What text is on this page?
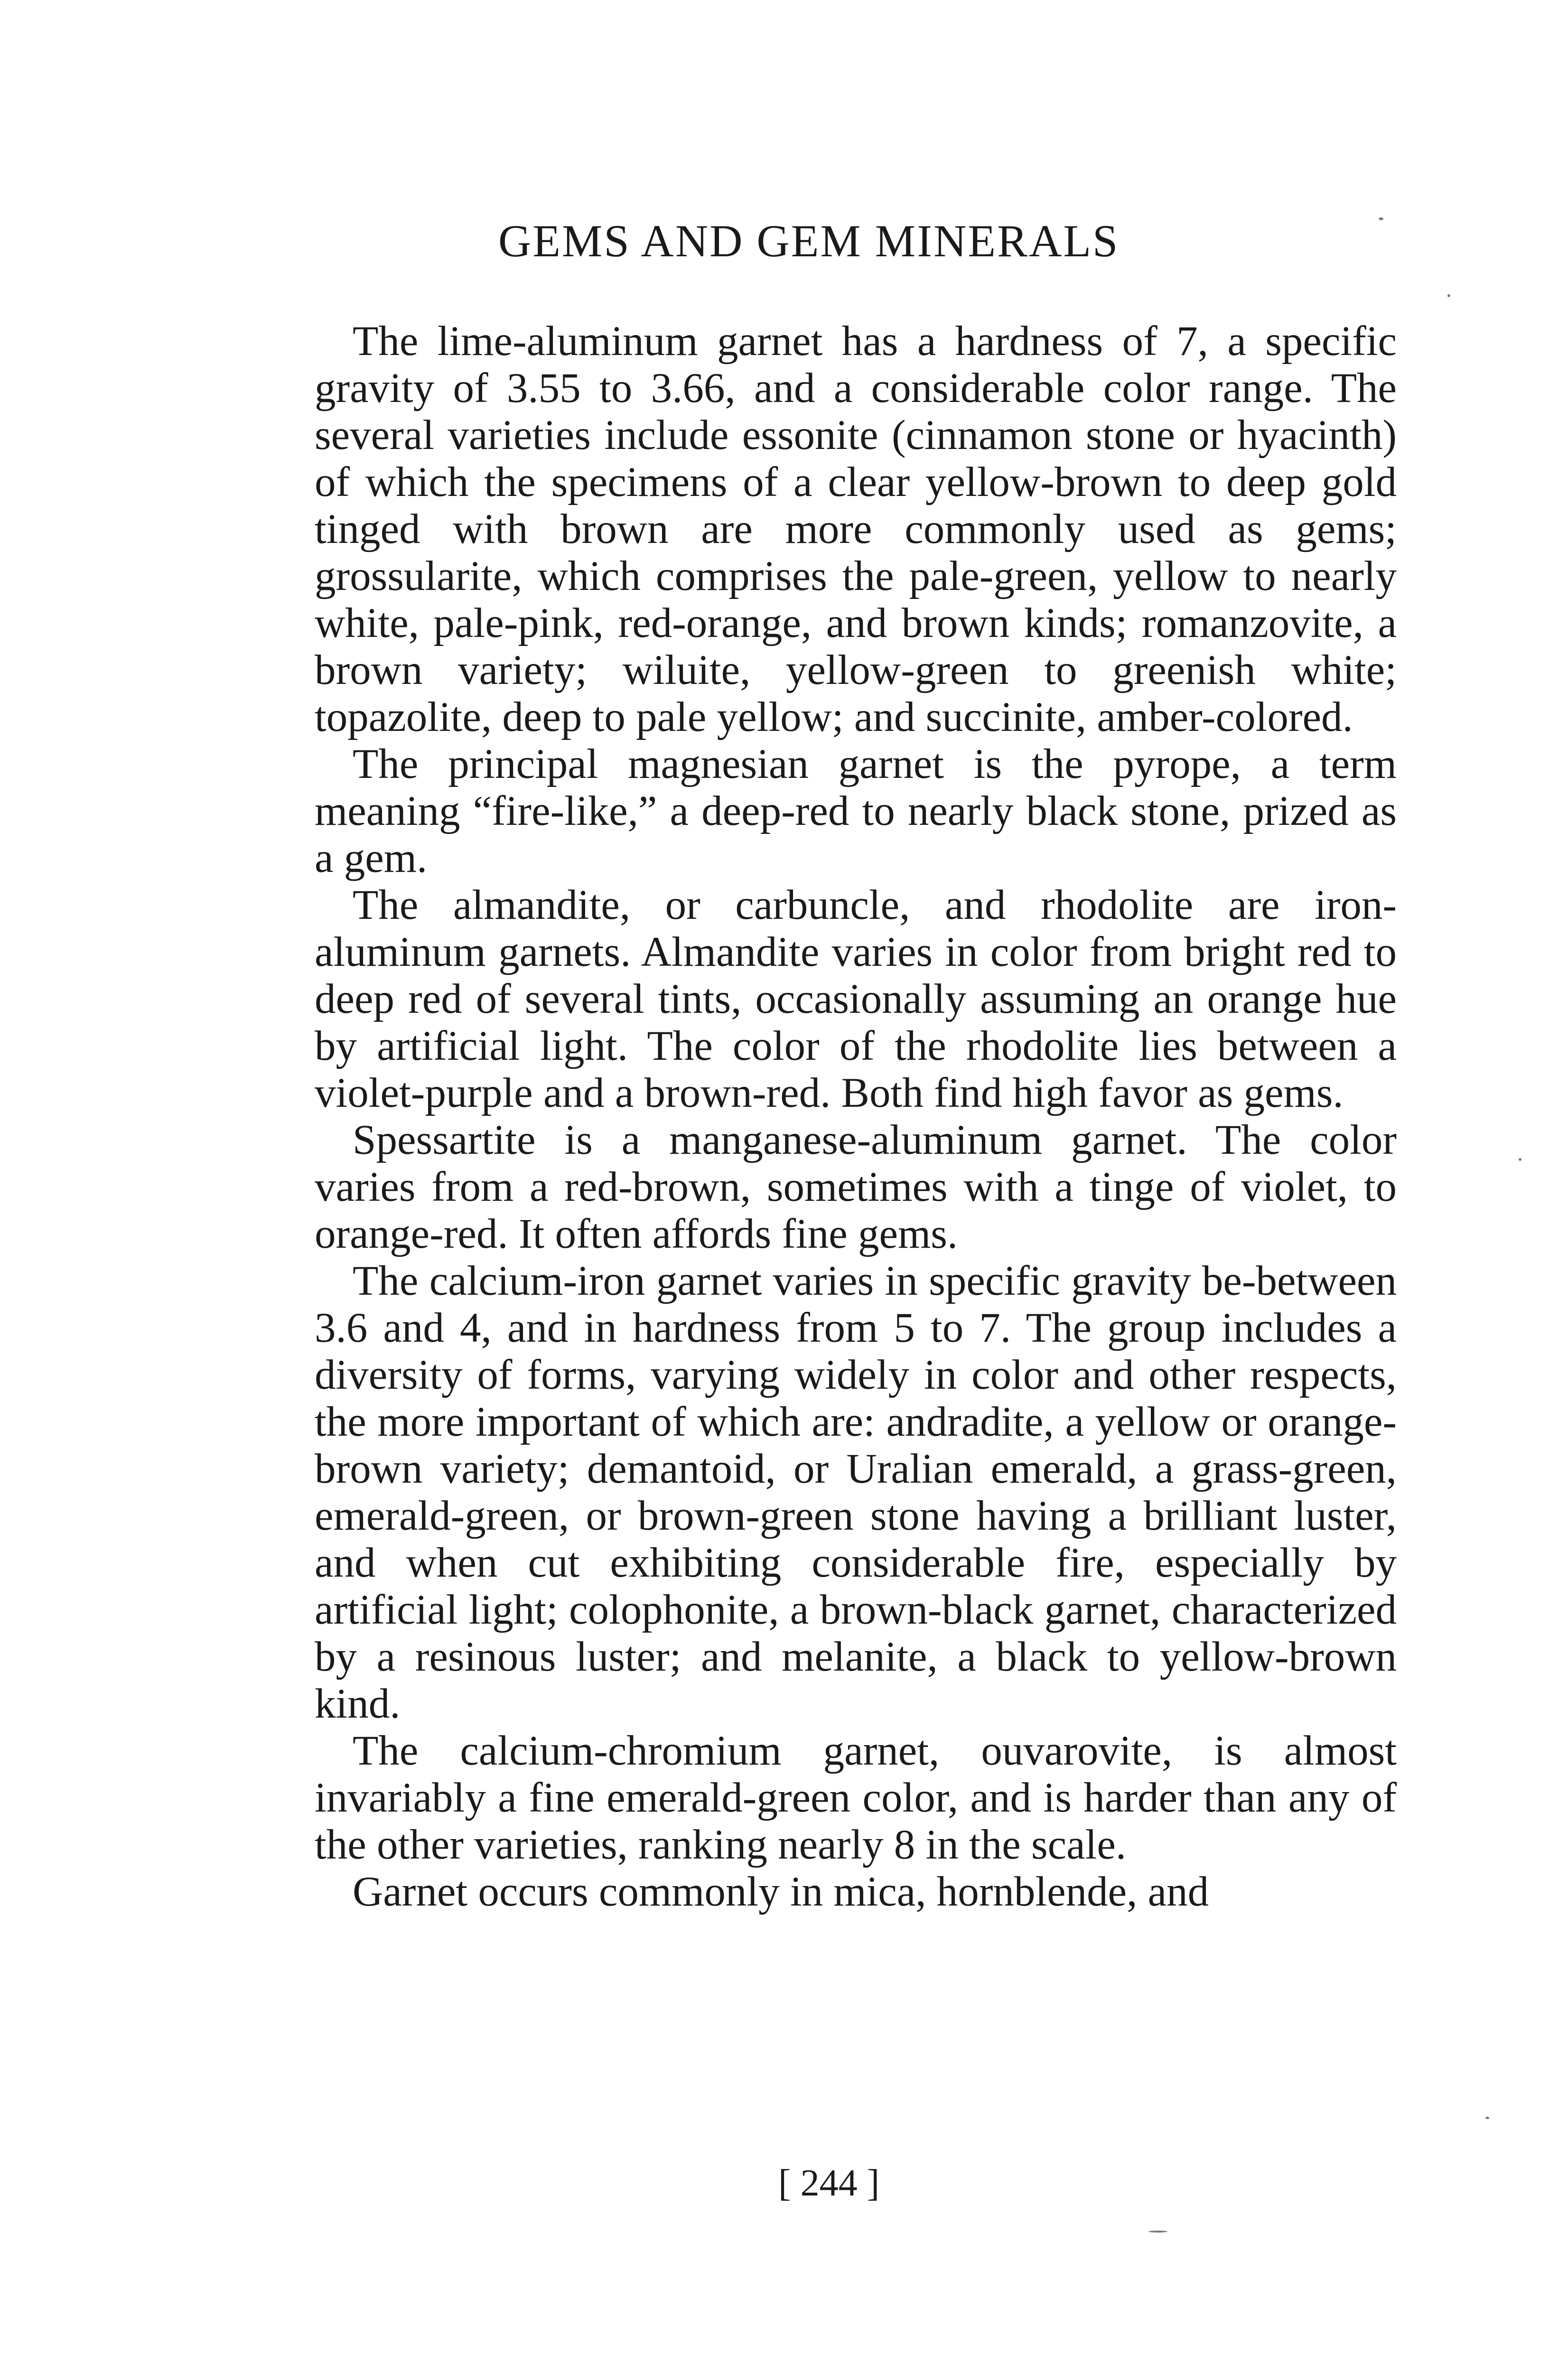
GEMS AND GEM MINERALS

The lime-aluminum garnet has a hardness of 7, a specific gravity of 3.55 to 3.66, and a considerable color range. The several varieties include essonite (cinnamon stone or hyacinth) of which the specimens of a clear yellow-brown to deep gold tinged with brown are more commonly used as gems; grossularite, which comprises the pale-green, yellow to nearly white, pale-pink, red-orange, and brown kinds; romanzovite, a brown variety; wiluite, yellow-green to greenish white; topazolite, deep to pale yellow; and succinite, amber-colored.

The principal magnesian garnet is the pyrope, a term meaning “fire-like,” a deep-red to nearly black stone, prized as a gem.

The almandite, or carbuncle, and rhodolite are iron-aluminum garnets. Almandite varies in color from bright red to deep red of several tints, occasionally assuming an orange hue by artificial light. The color of the rhodolite lies between a violet-purple and a brown-red. Both find high favor as gems.

Spessartite is a manganese-aluminum garnet. The color varies from a red-brown, sometimes with a tinge of violet, to orange-red. It often affords fine gems.

The calcium-iron garnet varies in specific gravity be-between 3.6 and 4, and in hardness from 5 to 7. The group includes a diversity of forms, varying widely in color and other respects, the more important of which are: andradite, a yellow or orange-brown variety; demantoid, or Uralian emerald, a grass-green, emerald-green, or brown-green stone having a brilliant luster, and when cut exhibiting considerable fire, especially by artificial light; colophonite, a brown-black garnet, characterized by a resinous luster; and melanite, a black to yellow-brown kind.

The calcium-chromium garnet, ouvarovite, is almost invariably a fine emerald-green color, and is harder than any of the other varieties, ranking nearly 8 in the scale.

Garnet occurs commonly in mica, hornblende, and

[ 244 ]
